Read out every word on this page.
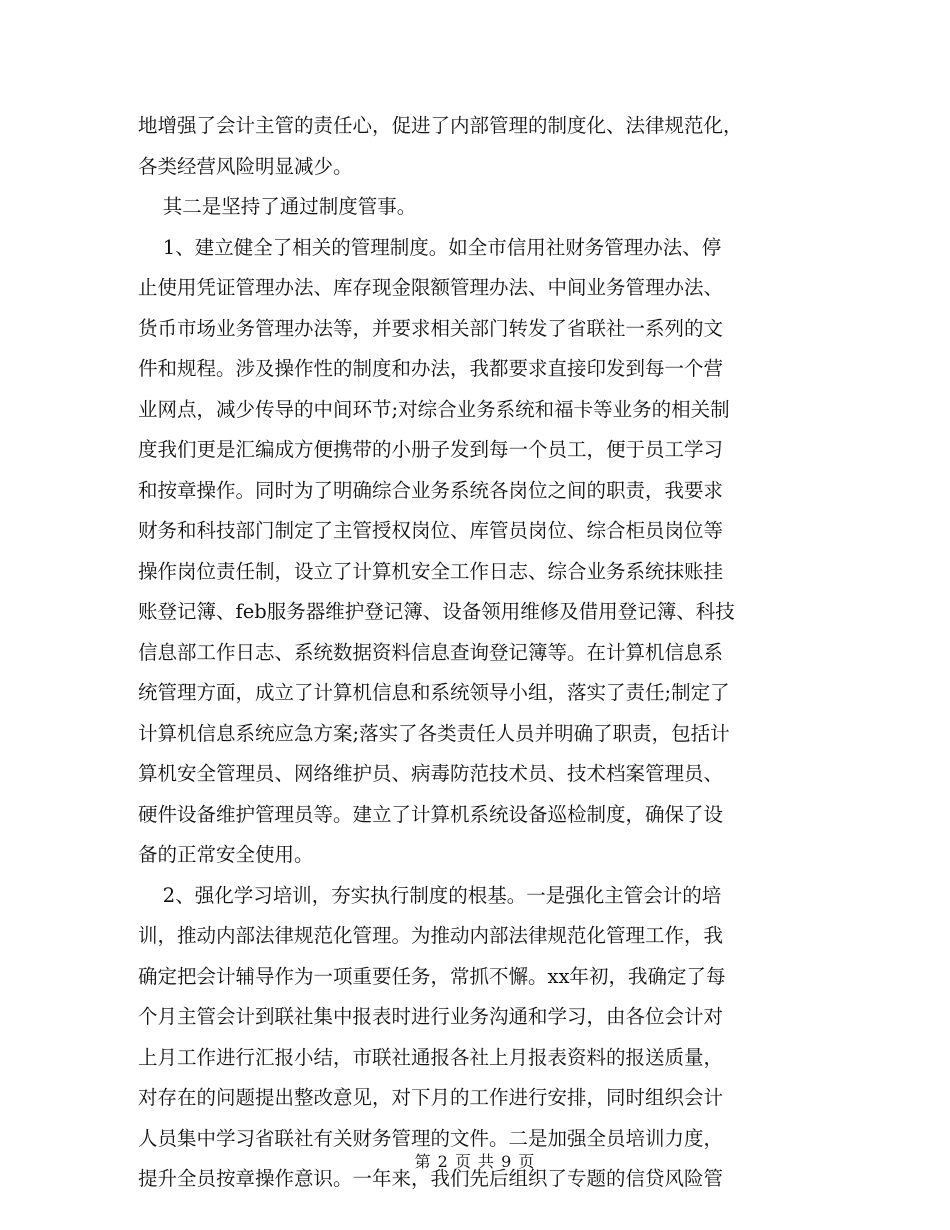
地增强了会计主管的责任心，促进了内部管理的制度化、法律规范化，
各类经营风险明显减少。
其二是坚持了通过制度管事。
1、建立健全了相关的管理制度。如全市信用社财务管理办法、停
止使用凭证管理办法、库存现金限额管理办法、中间业务管理办法、
货币市场业务管理办法等，并要求相关部门转发了省联社一系列的文
件和规程。涉及操作性的制度和办法，我都要求直接印发到每一个营
业网点，减少传导的中间环节;对综合业务系统和福卡等业务的相关制
度我们更是汇编成方便携带的小册子发到每一个员工，便于员工学习
和按章操作。同时为了明确综合业务系统各岗位之间的职责，我要求
财务和科技部门制定了主管授权岗位、库管员岗位、综合柜员岗位等
操作岗位责任制，设立了计算机安全工作日志、综合业务系统抹账挂
账登记簿、feb服务器维护登记簿、设备领用维修及借用登记簿、科技
信息部工作日志、系统数据资料信息查询登记簿等。在计算机信息系
统管理方面，成立了计算机信息和系统领导小组，落实了责任;制定了
计算机信息系统应急方案;落实了各类责任人员并明确了职责，包括计
算机安全管理员、网络维护员、病毒防范技术员、技术档案管理员、
硬件设备维护管理员等。建立了计算机系统设备巡检制度，确保了设
备的正常安全使用。
2、强化学习培训，夯实执行制度的根基。一是强化主管会计的培
训，推动内部法律规范化管理。为推动内部法律规范化管理工作，我
确定把会计辅导作为一项重要任务，常抓不懈。xx年初，我确定了每
个月主管会计到联社集中报表时进行业务沟通和学习，由各位会计对
上月工作进行汇报小结，市联社通报各社上月报表资料的报送质量，
对存在的问题提出整改意见，对下月的工作进行安排，同时组织会计
人员集中学习省联社有关财务管理的文件。二是加强全员培训力度，
提升全员按章操作意识。一年来，我们先后组织了专题的信贷风险管
第 2 页 共 9 页
